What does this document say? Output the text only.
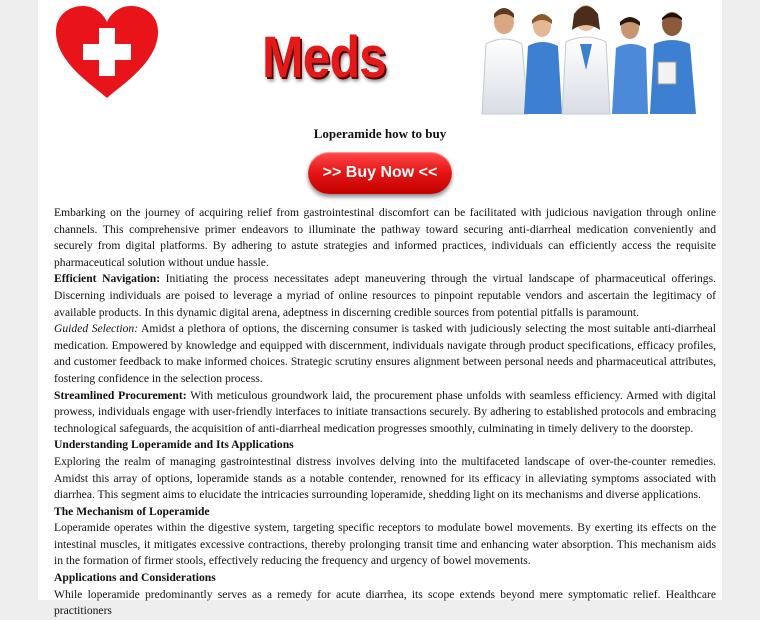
Meds
Loperamide how to buy
>> Buy Now <<

Embarking on the journey of acquiring relief from gastrointestinal discomfort can be facilitated with judicious navigation through online channels. This comprehensive primer endeavors to illuminate the pathway toward securing anti-diarrheal medication conveniently and securely from digital platforms. By adhering to astute strategies and informed practices, individuals can efficiently access the requisite pharmaceutical solution without undue hassle.

Efficient Navigation: Initiating the process necessitates adept maneuvering through the virtual landscape of pharmaceutical offerings. Discerning individuals are poised to leverage a myriad of online resources to pinpoint reputable vendors and ascertain the legitimacy of available products. In this dynamic digital arena, adeptness in discerning credible sources from potential pitfalls is paramount.

Guided Selection: Amidst a plethora of options, the discerning consumer is tasked with judiciously selecting the most suitable anti-diarrheal medication. Empowered by knowledge and equipped with discernment, individuals navigate through product specifications, efficacy profiles, and customer feedback to make informed choices. Strategic scrutiny ensures alignment between personal needs and pharmaceutical attributes, fostering confidence in the selection process.

Streamlined Procurement: With meticulous groundwork laid, the procurement phase unfolds with seamless efficiency. Armed with digital prowess, individuals engage with user-friendly interfaces to initiate transactions securely. By adhering to established protocols and embracing technological safeguards, the acquisition of anti-diarrheal medication progresses smoothly, culminating in timely delivery to the doorstep.

Understanding Loperamide and Its Applications

Exploring the realm of managing gastrointestinal distress involves delving into the multifaceted landscape of over-the-counter remedies. Amidst this array of options, loperamide stands as a notable contender, renowned for its efficacy in alleviating symptoms associated with diarrhea. This segment aims to elucidate the intricacies surrounding loperamide, shedding light on its mechanisms and diverse applications.

The Mechanism of Loperamide

Loperamide operates within the digestive system, targeting specific receptors to modulate bowel movements. By exerting its effects on the intestinal muscles, it mitigates excessive contractions, thereby prolonging transit time and enhancing water absorption. This mechanism aids in the formation of firmer stools, effectively reducing the frequency and urgency of bowel movements.

Applications and Considerations

While loperamide predominantly serves as a remedy for acute diarrhea, its scope extends beyond mere symptomatic relief. Healthcare practitioners
